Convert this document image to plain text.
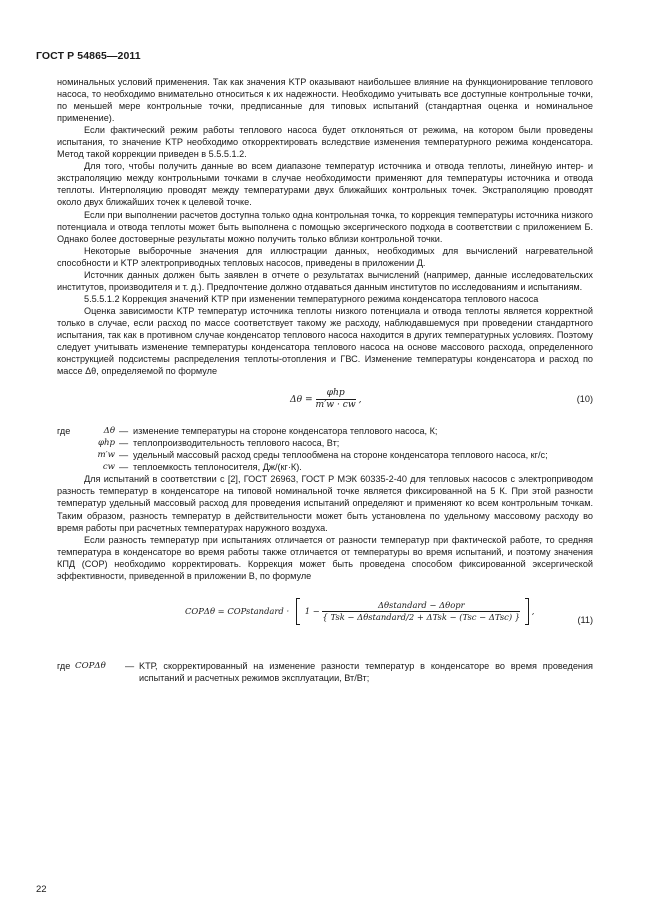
ГОСТ Р 54865—2011

номинальных условий применения. Так как значения KТР оказывают наибольшее влияние на функционирование теплового насоса, то необходимо внимательно относиться к их надежности. Необходимо учитывать все доступные контрольные точки, по меньшей мере контрольные точки, предписанные для типовых испытаний (стандартная оценка и номинальное применение).

Если фактический режим работы теплового насоса будет отклоняться от режима, на котором были проведены испытания, то значение KТР необходимо откорректировать вследствие изменения температурного режима конденсатора. Метод такой коррекции приведен в 5.5.5.1.2.

Для того, чтобы получить данные во всем диапазоне температур источника и отвода теплоты, линейную интер- и экстраполяцию между контрольными точками в случае необходимости применяют для температуры источника и отвода теплоты. Интерполяцию проводят между температурами двух ближайших контрольных точек. Экстраполяцию проводят около двух ближайших точек к целевой точке.

Если при выполнении расчетов доступна только одна контрольная точка, то коррекция температуры источника низкого потенциала и отвода теплоты может быть выполнена с помощью эксергического подхода в соответствии с приложением Б. Однако более достоверные результаты можно получить только вблизи контрольной точки.

Некоторые выборочные значения для иллюстрации данных, необходимых для вычислений нагревательной способности и KТР электроприводных тепловых насосов, приведены в приложении Д.

Источник данных должен быть заявлен в отчете о результатах вычислений (например, данные исследовательских институтов, производителя и т. д.). Предпочтение должно отдаваться данным институтов по исследованиям и испытаниям.

5.5.5.1.2 Коррекция значений KТР при изменении температурного режима конденсатора теплового насоса

Оценка зависимости KТР температур источника теплоты низкого потенциала и отвода теплоты является корректной только в случае, если расход по массе соответствует такому же расходу, наблюдавшемуся при проведении стандартного испытания, так как в противном случае конденсатор теплового насоса находится в других температурных условиях. Поэтому следует учитывать изменение температуры конденсатора теплового насоса на основе массового расхода, определенного конструкцией подсистемы распределения теплоты-отопления и ГВС. Изменение температуры конденсатора и расход по массе Δθ, определяемой по формуле

$\Delta\theta = \frac{\text{φhp}}{m'w \cdot cw}$ ,	(10)
где	Δθ — изменение температуры на стороне конденсатора теплового насоса, К;
φhp — теплопроизводительность теплового насоса, Вт;
m′w — удельный массовый расход среды теплообмена на стороне конденсатора теплового насоса, кг/с;
cw — теплоемкость теплоносителя, Дж/(кг·К).

Для испытаний в соответствии с [2], ГОСТ 26963, ГОСТ Р МЭК 60335-2-40 для тепловых насосов с электроприводом разность температур в конденсаторе на типовой номинальной точке является фиксированной на 5 К. При этой разности температур удельный массовый расход для проведения испытаний определяют и применяют ко всем контрольным точкам. Таким образом, разность температур в действительности может быть установлена по удельному массовому расходу во время работы при расчетных температурах наружного воздуха.

Если разность температур при испытаниях отличается от разности температур при фактической работе, то средняя температура в конденсаторе во время работы также отличается от температуры во время испытаний, и поэтому значения КПД (COP) необходимо корректировать. Коррекция может быть проведена способом фиксированной эксергической эффективности, приведенной в приложении В, по формуле

COPΔθ = COPstandard · $1 - \frac{\text{Δθstandard − Δθopr}}{\text{\{ Tsk − Δθstandard/2 + ΔTsk − (Tsc − ΔTsc) \}}}$ ,
(11)
где COPΔθ	— KТР, скорректированный на изменение разности температур в конденсаторе во время проведения испытаний и расчетных режимов эксплуатации, Вт/Вт;
22
